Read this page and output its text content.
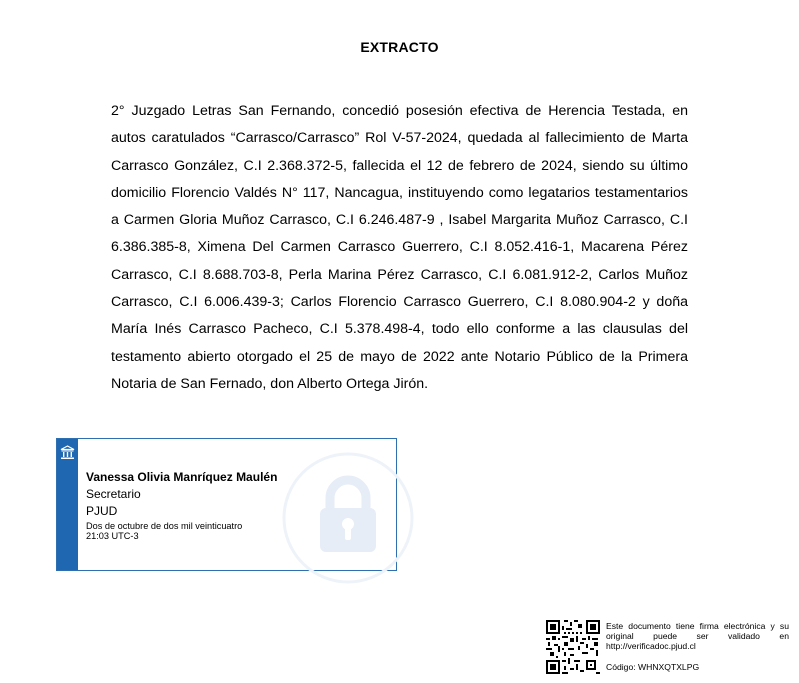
EXTRACTO
2° Juzgado Letras San Fernando, concedió posesión efectiva de Herencia Testada, en autos caratulados “Carrasco/Carrasco” Rol V-57-2024, quedada al fallecimiento de Marta Carrasco González, C.I 2.368.372-5, fallecida el 12 de febrero de 2024, siendo su último domicilio Florencio Valdés N° 117, Nancagua, instituyendo como legatarios testamentarios a Carmen Gloria Muñoz Carrasco, C.I 6.246.487-9 , Isabel Margarita Muñoz Carrasco, C.I 6.386.385-8, Ximena Del Carmen Carrasco Guerrero, C.I 8.052.416-1, Macarena Pérez Carrasco, C.I 8.688.703-8, Perla Marina Pérez Carrasco, C.I 6.081.912-2, Carlos Muñoz Carrasco, C.I 6.006.439-3; Carlos Florencio Carrasco Guerrero, C.I 8.080.904-2 y doña María Inés Carrasco Pacheco, C.I 5.378.498-4, todo ello conforme a las clausulas del testamento abierto otorgado el 25 de mayo de 2022 ante Notario Público de la Primera Notaria de San Fernado, don Alberto Ortega Jirón.
Vanessa Olivia Manríquez Maulén
Secretario
PJUD
Dos de octubre de dos mil veinticuatro
21:03 UTC-3
Este documento tiene firma electrónica y su original puede ser validado en http://verificadoc.pjud.cl
Código: WHNXQTXLPG
